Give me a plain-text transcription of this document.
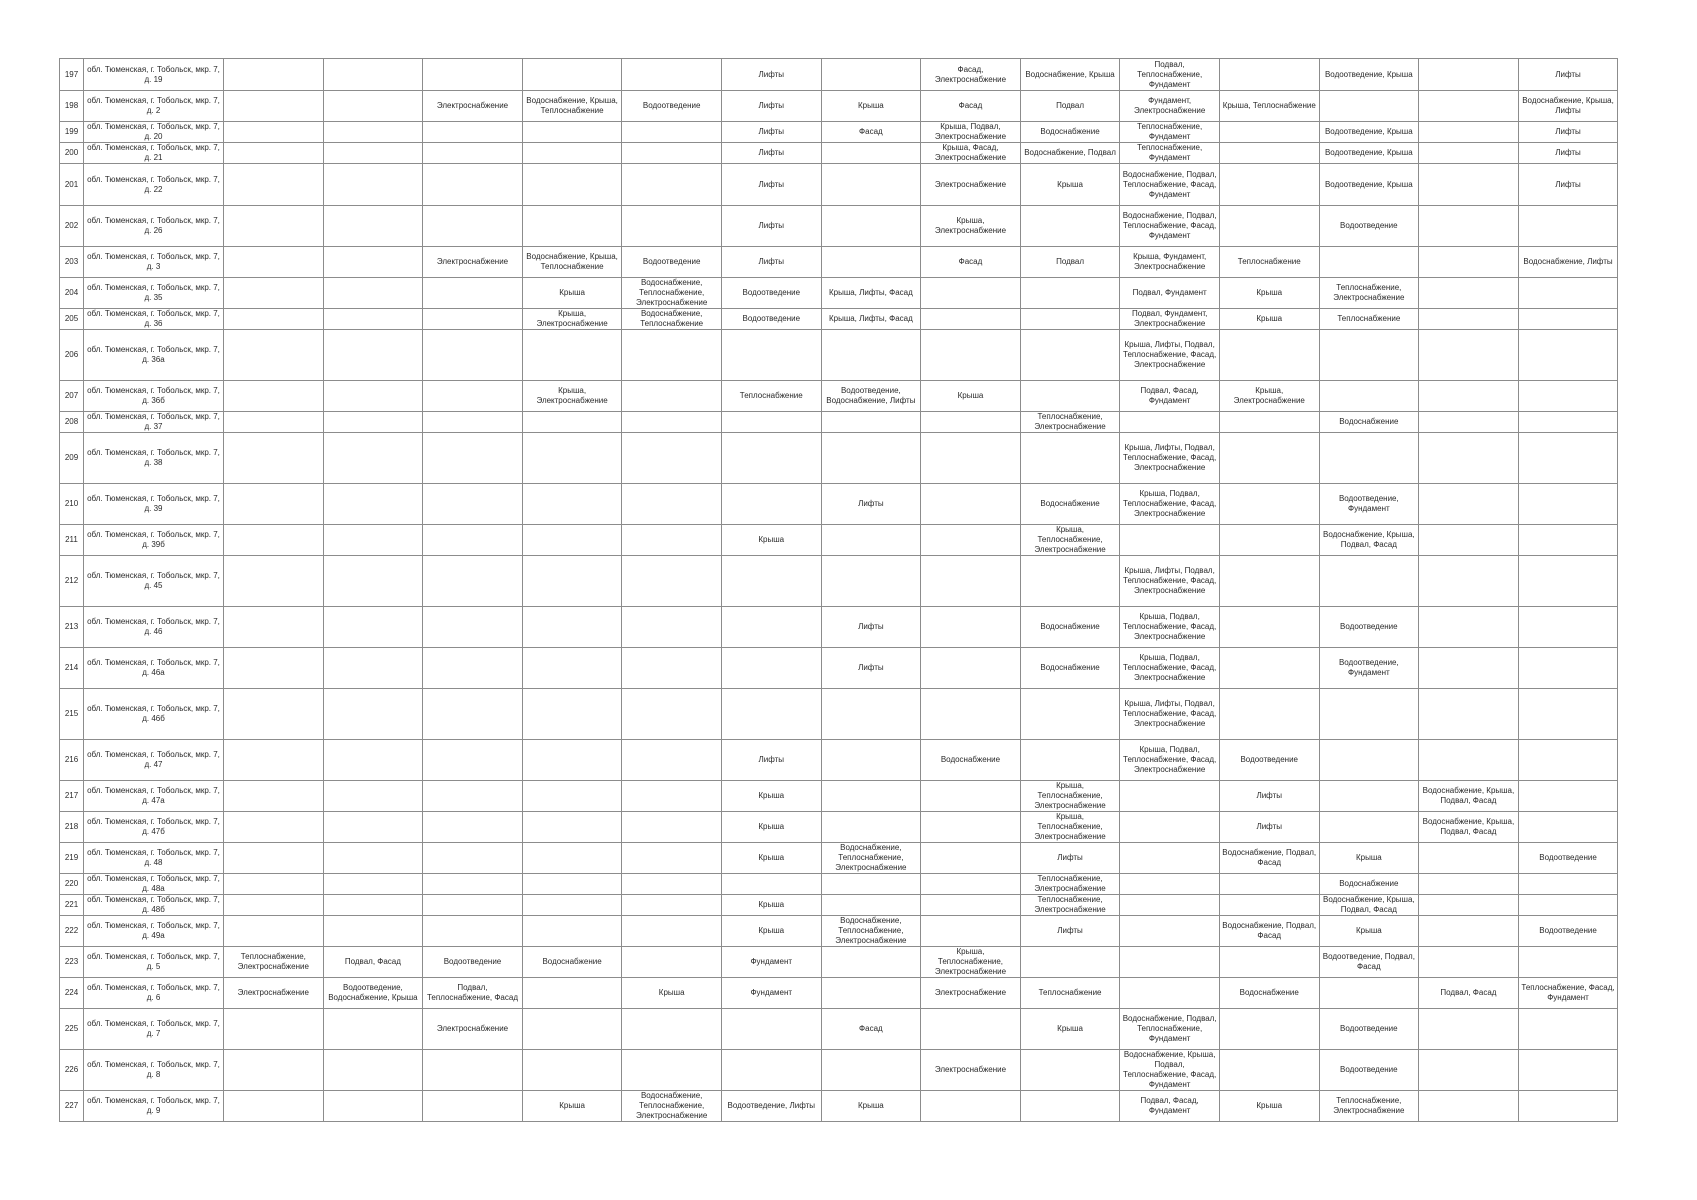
197	обл. Тюменская, г. Тобольск, мкр. 7, д. 19						Лифты		Фасад, Электроснабжение	Водоснабжение, Крыша	Подвал, Теплоснабжение, Фундамент		Водоотведение, Крыша		Лифты
198	обл. Тюменская, г. Тобольск, мкр. 7, д. 2			Электроснабжение	Водоснабжение, Крыша, Теплоснабжение	Водоотведение	Лифты	Крыша	Фасад	Подвал	Фундамент, Электроснабжение	Крыша, Теплоснабжение			Водоснабжение, Крыша, Лифты
199	обл. Тюменская, г. Тобольск, мкр. 7, д. 20						Лифты	Фасад	Крыша, Подвал, Электроснабжение	Водоснабжение	Теплоснабжение, Фундамент		Водоотведение, Крыша		Лифты
200	обл. Тюменская, г. Тобольск, мкр. 7, д. 21						Лифты		Крыша, Фасад, Электроснабжение	Водоснабжение, Подвал	Теплоснабжение, Фундамент		Водоотведение, Крыша		Лифты
201	обл. Тюменская, г. Тобольск, мкр. 7, д. 22						Лифты		Электроснабжение	Крыша	Водоснабжение, Подвал, Теплоснабжение, Фасад, Фундамент		Водоотведение, Крыша		Лифты
202	обл. Тюменская, г. Тобольск, мкр. 7, д. 26						Лифты		Крыша, Электроснабжение		Водоснабжение, Подвал, Теплоснабжение, Фасад, Фундамент		Водоотведение		
203	обл. Тюменская, г. Тобольск, мкр. 7, д. 3			Электроснабжение	Водоснабжение, Крыша, Теплоснабжение	Водоотведение	Лифты		Фасад	Подвал	Крыша, Фундамент, Электроснабжение	Теплоснабжение			Водоснабжение, Лифты
204	обл. Тюменская, г. Тобольск, мкр. 7, д. 35				Крыша	Водоснабжение, Теплоснабжение, Электроснабжение	Водоотведение	Крыша, Лифты, Фасад			Подвал, Фундамент	Крыша	Теплоснабжение, Электроснабжение		
205	обл. Тюменская, г. Тобольск, мкр. 7, д. 36				Крыша, Электроснабжение	Водоснабжение, Теплоснабжение	Водоотведение	Крыша, Лифты, Фасад			Подвал, Фундамент, Электроснабжение	Крыша	Теплоснабжение		
206	обл. Тюменская, г. Тобольск, мкр. 7, д. 36а										Крыша, Лифты, Подвал, Теплоснабжение, Фасад, Электроснабжение				
207	обл. Тюменская, г. Тобольск, мкр. 7, д. 36б				Крыша, Электроснабжение		Теплоснабжение	Водоотведение, Водоснабжение, Лифты	Крыша		Подвал, Фасад, Фундамент	Крыша, Электроснабжение			
208	обл. Тюменская, г. Тобольск, мкр. 7, д. 37									Теплоснабжение, Электроснабжение			Водоснабжение		
209	обл. Тюменская, г. Тобольск, мкр. 7, д. 38										Крыша, Лифты, Подвал, Теплоснабжение, Фасад, Электроснабжение				
210	обл. Тюменская, г. Тобольск, мкр. 7, д. 39							Лифты		Водоснабжение	Крыша, Подвал, Теплоснабжение, Фасад, Электроснабжение		Водоотведение, Фундамент		
211	обл. Тюменская, г. Тобольск, мкр. 7, д. 39б						Крыша			Крыша, Теплоснабжение, Электроснабжение			Водоснабжение, Крыша, Подвал, Фасад		
212	обл. Тюменская, г. Тобольск, мкр. 7, д. 45										Крыша, Лифты, Подвал, Теплоснабжение, Фасад, Электроснабжение				
213	обл. Тюменская, г. Тобольск, мкр. 7, д. 46							Лифты		Водоснабжение	Крыша, Подвал, Теплоснабжение, Фасад, Электроснабжение		Водоотведение		
214	обл. Тюменская, г. Тобольск, мкр. 7, д. 46а							Лифты		Водоснабжение	Крыша, Подвал, Теплоснабжение, Фасад, Электроснабжение		Водоотведение, Фундамент		
215	обл. Тюменская, г. Тобольск, мкр. 7, д. 46б										Крыша, Лифты, Подвал, Теплоснабжение, Фасад, Электроснабжение				
216	обл. Тюменская, г. Тобольск, мкр. 7, д. 47						Лифты		Водоснабжение		Крыша, Подвал, Теплоснабжение, Фасад, Электроснабжение	Водоотведение			
217	обл. Тюменская, г. Тобольск, мкр. 7, д. 47а						Крыша			Крыша, Теплоснабжение, Электроснабжение		Лифты		Водоснабжение, Крыша, Подвал, Фасад	
218	обл. Тюменская, г. Тобольск, мкр. 7, д. 47б						Крыша			Крыша, Теплоснабжение, Электроснабжение		Лифты		Водоснабжение, Крыша, Подвал, Фасад	
219	обл. Тюменская, г. Тобольск, мкр. 7, д. 48						Крыша	Водоснабжение, Теплоснабжение, Электроснабжение		Лифты		Водоснабжение, Подвал, Фасад	Крыша		Водоотведение
220	обл. Тюменская, г. Тобольск, мкр. 7, д. 48а									Теплоснабжение, Электроснабжение			Водоснабжение		
221	обл. Тюменская, г. Тобольск, мкр. 7, д. 48б						Крыша			Теплоснабжение, Электроснабжение			Водоснабжение, Крыша, Подвал, Фасад		
222	обл. Тюменская, г. Тобольск, мкр. 7, д. 49а						Крыша	Водоснабжение, Теплоснабжение, Электроснабжение		Лифты		Водоснабжение, Подвал, Фасад	Крыша		Водоотведение
223	обл. Тюменская, г. Тобольск, мкр. 7, д. 5	Теплоснабжение, Электроснабжение	Подвал, Фасад	Водоотведение	Водоснабжение		Фундамент		Крыша, Теплоснабжение, Электроснабжение				Водоотведение, Подвал, Фасад		
224	обл. Тюменская, г. Тобольск, мкр. 7, д. 6	Электроснабжение	Водоотведение, Водоснабжение, Крыша	Подвал, Теплоснабжение, Фасад		Крыша	Фундамент		Электроснабжение	Теплоснабжение		Водоснабжение		Подвал, Фасад	Теплоснабжение, Фасад, Фундамент
225	обл. Тюменская, г. Тобольск, мкр. 7, д. 7			Электроснабжение				Фасад		Крыша	Водоснабжение, Подвал, Теплоснабжение, Фундамент		Водоотведение		
226	обл. Тюменская, г. Тобольск, мкр. 7, д. 8								Электроснабжение		Водоснабжение, Крыша, Подвал, Теплоснабжение, Фасад, Фундамент		Водоотведение		
227	обл. Тюменская, г. Тобольск, мкр. 7, д. 9				Крыша	Водоснабжение, Теплоснабжение, Электроснабжение	Водоотведение, Лифты	Крыша			Подвал, Фасад, Фундамент	Крыша	Теплоснабжение, Электроснабжение		
